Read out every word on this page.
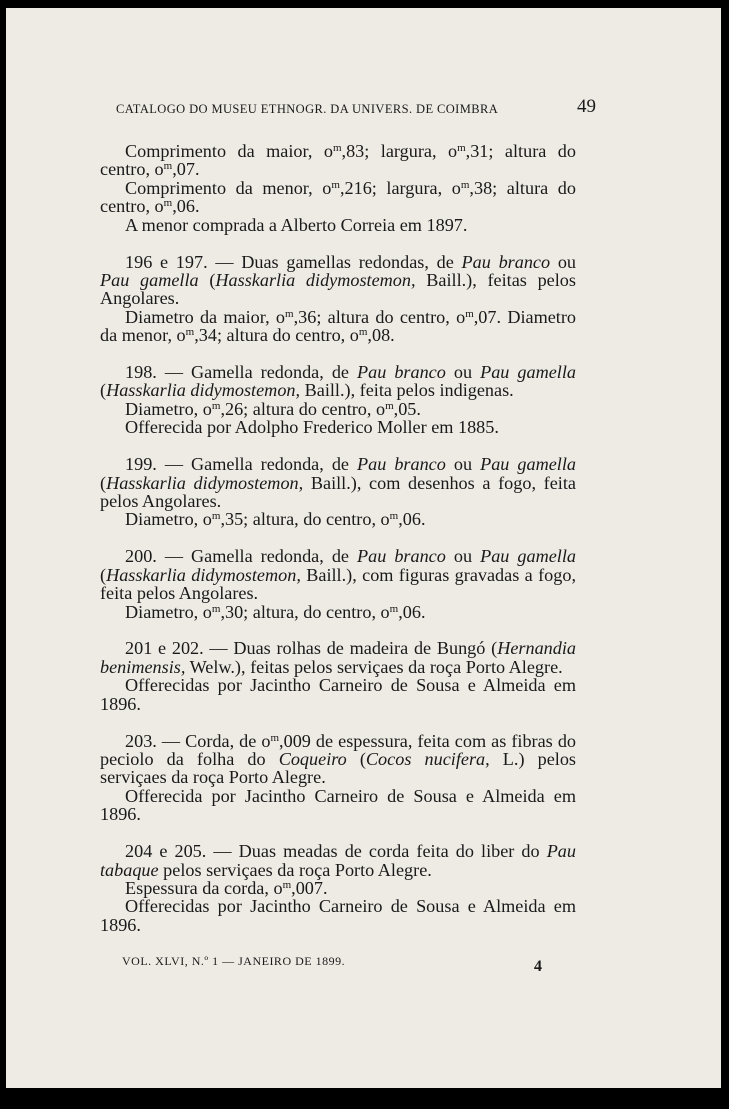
CATALOGO DO MUSEU ETHNOGR. DA UNIVERS. DE COIMBRA	49

Comprimento da maior, $o^m,83$; largura, $o^m,31$; altura do centro, $o^m,07$.

Comprimento da menor, $o^m,216$; largura, $o^m,38$; altura do centro, $o^m,06$.

A menor comprada a Alberto Correia em 1897.

196 e 197. — Duas gamellas redondas, de Pau branco ou Pau gamella (Hasskarlia didymostemon, Baill.), feitas pelos Angolares.

Diametro da maior, $o^m,36$; altura do centro, $o^m,07$. Diametro da menor, $o^m,34$; altura do centro, $o^m,08$.

198. — Gamella redonda, de Pau branco ou Pau gamella (Hasskarlia didymostemon, Baill.), feita pelos indigenas.

Diametro, $o^m,26$; altura do centro, $o^m,05$.

Offerecida por Adolpho Frederico Moller em 1885.

199. — Gamella redonda, de Pau branco ou Pau gamella (Hasskarlia didymostemon, Baill.), com desenhos a fogo, feita pelos Angolares.

Diametro, $o^m,35$; altura, do centro, $o^m,06$.

200. — Gamella redonda, de Pau branco ou Pau gamella (Hasskarlia didymostemon, Baill.), com figuras gravadas a fogo, feita pelos Angolares.

Diametro, $o^m,30$; altura, do centro, $o^m,06$.

201 e 202. — Duas rolhas de madeira de Bungó (Hernandia benimensis, Welw.), feitas pelos serviçaes da roça Porto Alegre.

Offerecidas por Jacintho Carneiro de Sousa e Almeida em 1896.

203. — Corda, de $o^m,009$ de espessura, feita com as fibras do peciolo da folha do Coqueiro (Cocos nucifera, L.) pelos serviçaes da roça Porto Alegre.

Offerecida por Jacintho Carneiro de Sousa e Almeida em 1896.

204 e 205. — Duas meadas de corda feita do liber do Pau tabaque pelos serviçaes da roça Porto Alegre.

Espessura da corda, $o^m,007$.

Offerecidas por Jacintho Carneiro de Sousa e Almeida em 1896.

VOL. XLVI, N.º 1 — JANEIRO DE 1899.	4
